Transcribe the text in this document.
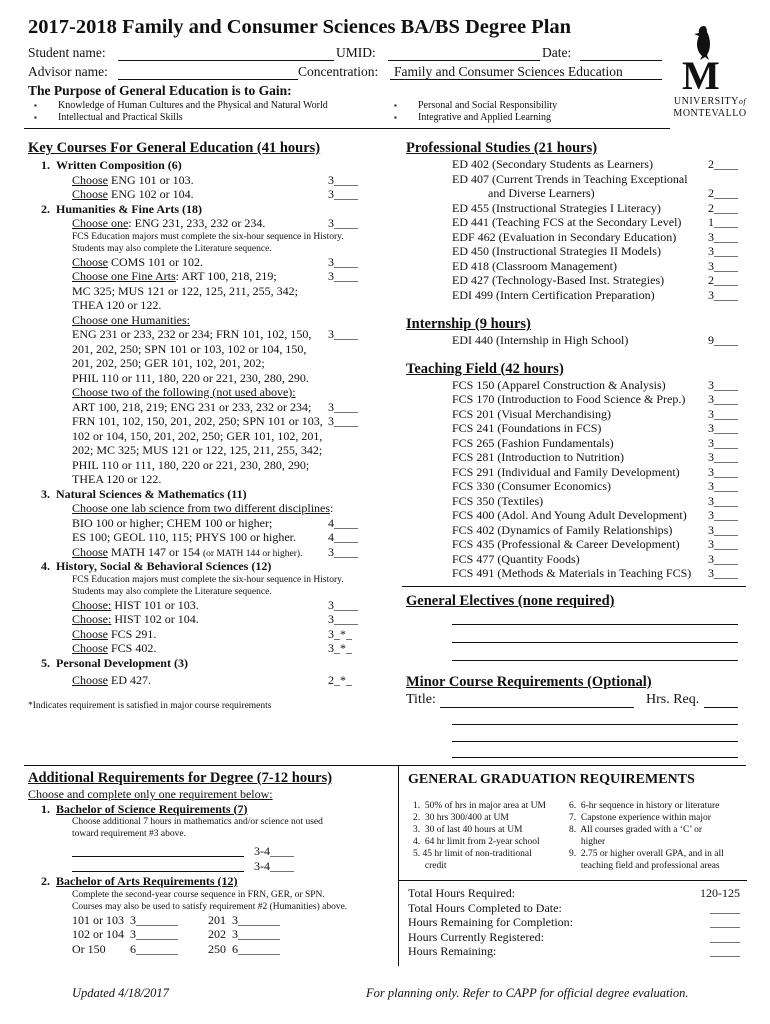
2017-2018 Family and Consumer Sciences BA/BS Degree Plan
Student name:	UMID:	Date:
Advisor name:	Concentration: Family and Consumer Sciences Education M
UNIVERSITYof
MONTEVALLO
The Purpose of General Education is to Gain:
▪ Knowledge of Human Cultures and the Physical and Natural World
▪ Intellectual and Practical Skills
▪ Personal and Social Responsibility
▪ Integrative and Applied Learning
Key Courses For General Education (41 hours)
1. Written Composition (6)
Choose ENG 101 or 103.	3____
Choose ENG 102 or 104.	3____
2. Humanities & Fine Arts (18)
Choose one: ENG 231, 233, 232 or 234.	3____
FCS Education majors must complete the six-hour sequence in History.
Students may also complete the Literature sequence.
Choose COMS 101 or 102.	3____
Choose one Fine Arts: ART 100, 218, 219;	3____
MC 325; MUS 121 or 122, 125, 211, 255, 342;
THEA 120 or 122.
Choose one Humanities:
ENG 231 or 233, 232 or 234; FRN 101, 102, 150, 3____
201, 202, 250; SPN 101 or 103, 102 or 104, 150,
201, 202, 250; GER 101, 102, 201, 202;
PHIL 110 or 111, 180, 220 or 221, 230, 280, 290.
Choose two of the following (not used above):
ART 100, 218, 219; ENG 231 or 233, 232 or 234; 3____
FRN 101, 102, 150, 201, 202, 250; SPN 101 or 103, 3____
102 or 104, 150, 201, 202, 250; GER 101, 102, 201,
202; MC 325; MUS 121 or 122, 125, 211, 255, 342;
PHIL 110 or 111, 180, 220 or 221, 230, 280, 290;
THEA 120 or 122.
3. Natural Sciences & Mathematics (11)
Choose one lab science from two different disciplines:
BIO 100 or higher; CHEM 100 or higher;	4____
ES 100; GEOL 110, 115; PHYS 100 or higher.	4____
Choose MATH 147 or 154 (or MATH 144 or higher). 3____
4. History, Social & Behavioral Sciences (12)
FCS Education majors must complete the six-hour sequence in History.
Students may also complete the Literature sequence.
Choose: HIST 101 or 103.	3____
Choose: HIST 102 or 104.	3____
Choose FCS 291.	3_*_
Choose FCS 402.	3_*_
5. Personal Development (3)
Choose ED 427.	2_*_
*Indicates requirement is satisfied in major course requirements
Professional Studies (21 hours)
ED 402 (Secondary Students as Learners)	2____
ED 407 (Current Trends in Teaching Exceptional
and Diverse Learners)	2____
ED 455 (Instructional Strategies I Literacy)	2____
ED 441 (Teaching FCS at the Secondary Level) 1____
EDF 462 (Evaluation in Secondary Education)	3____
ED 450 (Instructional Strategies II Models)	3____
ED 418 (Classroom Management)	3____
ED 427 (Technology-Based Inst. Strategies)	2____
EDI 499 (Intern Certification Preparation)	3____
Internship (9 hours)
EDI 440 (Internship in High School)	9____
Teaching Field (42 hours)
FCS 150 (Apparel Construction & Analysis)	3____
FCS 170 (Introduction to Food Science & Prep.) 3____
FCS 201 (Visual Merchandising)	3____
FCS 241 (Foundations in FCS)	3____
FCS 265 (Fashion Fundamentals)	3____
FCS 281 (Introduction to Nutrition)	3____
FCS 291 (Individual and Family Development) 3____
FCS 330 (Consumer Economics)	3____
FCS 350 (Textiles)	3____
FCS 400 (Adol. And Young Adult Development) 3____
FCS 402 (Dynamics of Family Relationships)	3____
FCS 435 (Professional & Career Development) 3____
FCS 477 (Quantity Foods)	3____
FCS 491 (Methods & Materials in Teaching FCS) 3____
General Electives (none required)
Minor Course Requirements (Optional)
Title:	Hrs. Req.
Additional Requirements for Degree (7-12 hours)
Choose and complete only one requirement below:
1. Bachelor of Science Requirements (7)
Choose additional 7 hours in mathematics and/or science not used
toward requirement #3 above.
3-4____
3-4____
2. Bachelor of Arts Requirements (12)
Complete the second-year course sequence in FRN, GER, or SPN.
Courses may also be used to satisfy requirement #2 (Humanities) above.
101 or 103 3_______	201 3_______
102 or 104 3_______	202 3_______
Or 150 6_______	250 6_______
GENERAL GRADUATION REQUIREMENTS
1.  50% of hrs in major area at UM
2.  30 hrs 300/400 at UM
3.  30 of last 40 hours at UM
4.  64 hr limit from 2-year school
5. 45 hr limit of non-traditional
credit
6.  6-hr sequence in history or literature
7.  Capstone experience within major
8.  All courses graded with a ‘C’ or
higher
9.  2.75 or higher overall GPA, and in all
teaching field and professional areas
Total Hours Required:	120-125
Total Hours Completed to Date:	_____
Hours Remaining for Completion:	_____
Hours Currently Registered:	_____
Hours Remaining:	_____
Updated 4/18/2017	For planning only. Refer to CAPP for official degree evaluation.
